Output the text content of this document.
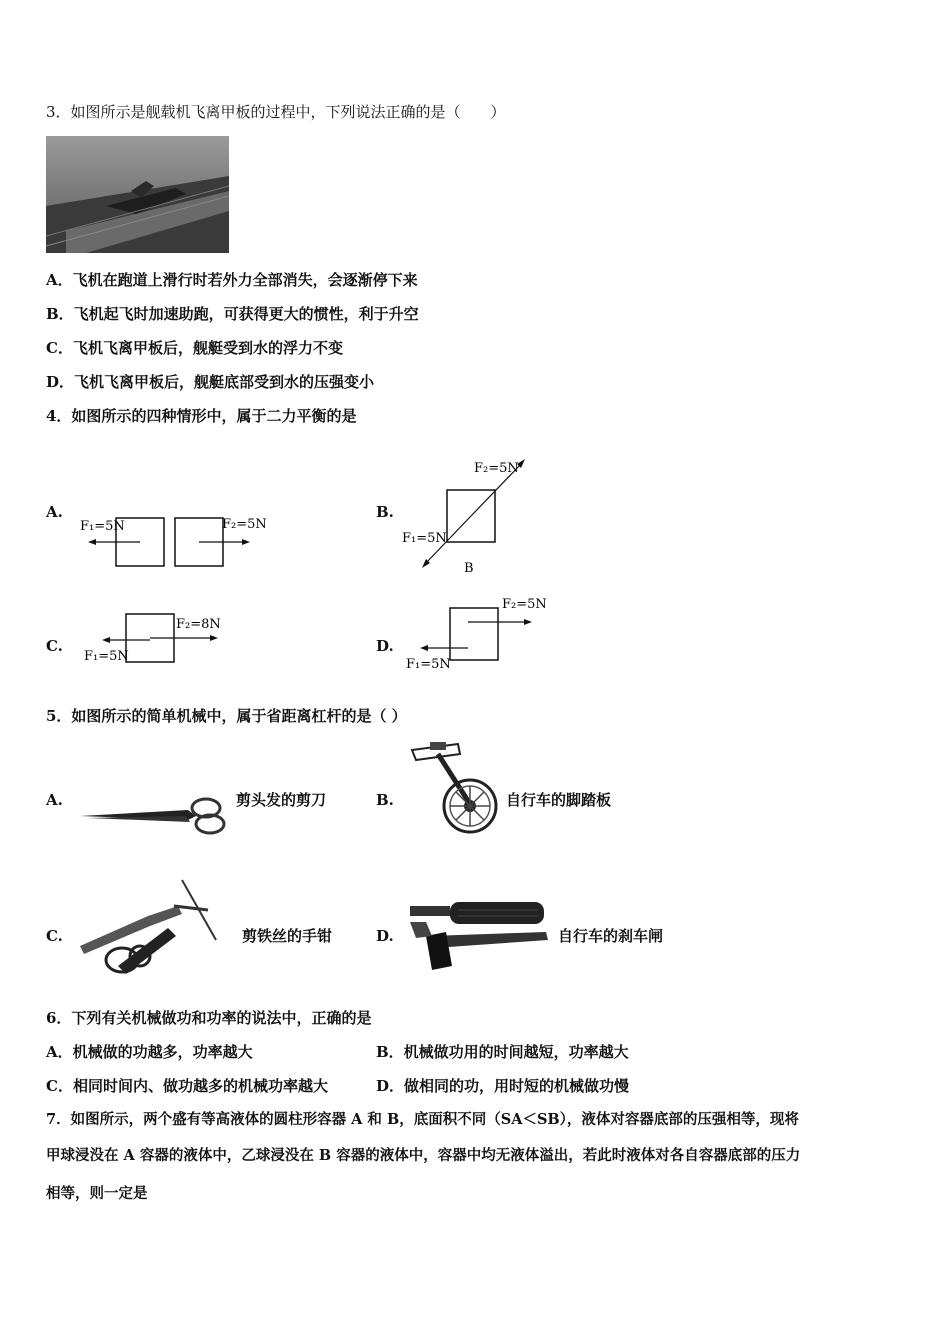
3．如图所示是舰载机飞离甲板的过程中，下列说法正确的是（　　）
A．飞机在跑道上滑行时若外力全部消失，会逐渐停下来
B．飞机起飞时加速助跑，可获得更大的惯性，利于升空
C．飞机飞离甲板后，舰艇受到水的浮力不变
D．飞机飞离甲板后，舰艇底部受到水的压强变小
4．如图所示的四种情形中，属于二力平衡的是
A.
F₁=5N	F₂=5N
B.
F₂=5N
F₁=5N
B
C.
F₂=8N
F₁=5N
D.
F₂=5N
F₁=5N
5．如图所示的简单机械中，属于省距离杠杆的是（ ）
A.	剪头发的剪刀	B.	自行车的脚踏板
C.	剪铁丝的手钳	D.	自行车的刹车闸
6．下列有关机械做功和功率的说法中，正确的是
A．机械做的功越多，功率越大	B．机械做功用的时间越短，功率越大
C．相同时间内、做功越多的机械功率越大	D．做相同的功，用时短的机械做功慢
7．如图所示，两个盛有等高液体的圆柱形容器 A 和 B，底面积不同（SA＜SB），液体对容器底部的压强相等，现将
甲球浸没在 A 容器的液体中，乙球浸没在 B 容器的液体中，容器中均无液体溢出，若此时液体对各自容器底部的压力
相等，则一定是
